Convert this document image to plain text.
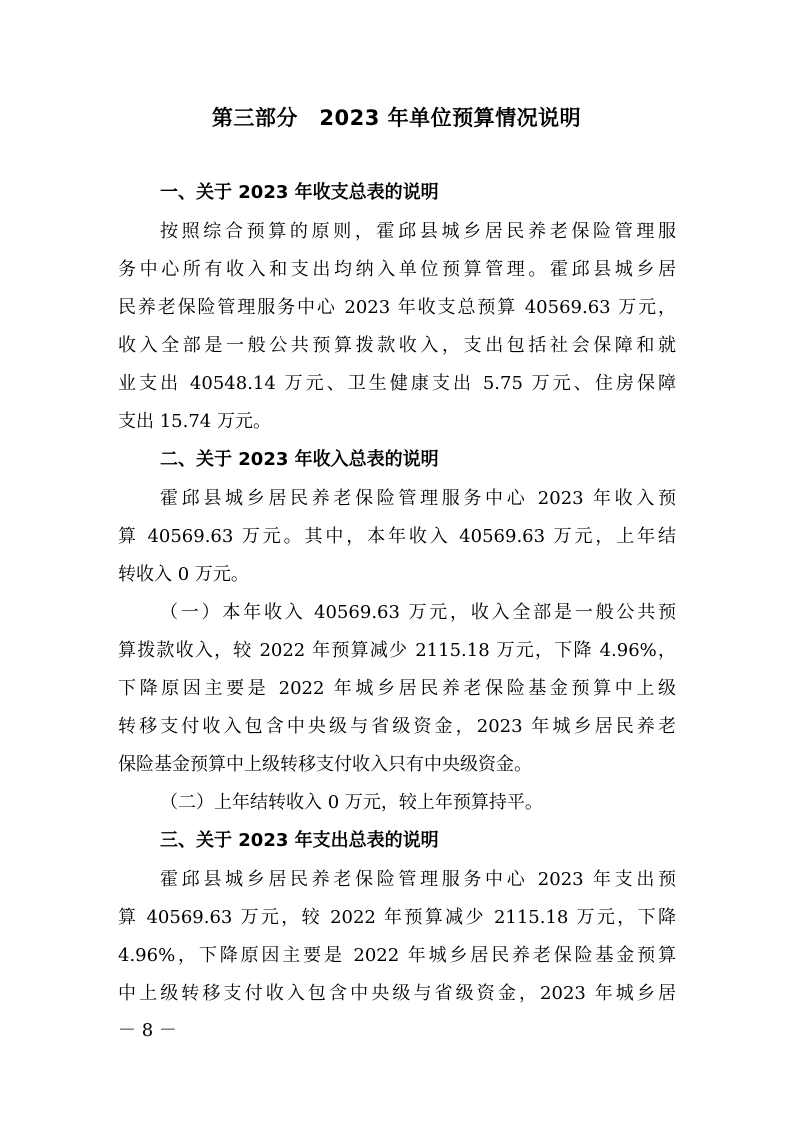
第三部分　2023 年单位预算情况说明
一、关于 2023 年收支总表的说明
按照综合预算的原则，霍邱县城乡居民养老保险管理服
务中心所有收入和支出均纳入单位预算管理。霍邱县城乡居
民养老保险管理服务中心 2023 年收支总预算 40569.63 万元，
收入全部是一般公共预算拨款收入，支出包括社会保障和就
业支出 40548.14 万元、卫生健康支出 5.75 万元、住房保障
支出 15.74 万元。
二、关于 2023 年收入总表的说明
霍邱县城乡居民养老保险管理服务中心 2023 年收入预
算 40569.63 万元。其中，本年收入 40569.63 万元，上年结
转收入 0 万元。
（一）本年收入 40569.63 万元，收入全部是一般公共预
算拨款收入，较 2022 年预算减少 2115.18 万元，下降 4.96%，
下降原因主要是 2022 年城乡居民养老保险基金预算中上级
转移支付收入包含中央级与省级资金，2023 年城乡居民养老
保险基金预算中上级转移支付收入只有中央级资金。
（二）上年结转收入 0 万元，较上年预算持平。
三、关于 2023 年支出总表的说明
霍邱县城乡居民养老保险管理服务中心 2023 年支出预
算 40569.63 万元，较 2022 年预算减少 2115.18 万元，下降
4.96%，下降原因主要是 2022 年城乡居民养老保险基金预算
中上级转移支付收入包含中央级与省级资金，2023 年城乡居
－ 8 －
